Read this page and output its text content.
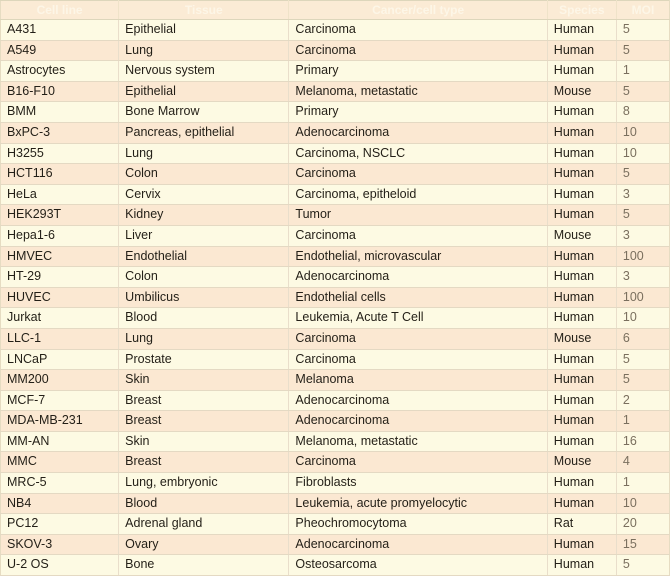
Cell line	Tissue	Cancer/cell type	Species	MOI
A431	Epithelial	Carcinoma	Human	5
A549	Lung	Carcinoma	Human	5
Astrocytes	Nervous system	Primary	Human	1
B16-F10	Epithelial	Melanoma, metastatic	Mouse	5
BMM	Bone Marrow	Primary	Human	8
BxPC-3	Pancreas, epithelial	Adenocarcinoma	Human	10
H3255	Lung	Carcinoma, NSCLC	Human	10
HCT116	Colon	Carcinoma	Human	5
HeLa	Cervix	Carcinoma, epitheloid	Human	3
HEK293T	Kidney	Tumor	Human	5
Hepa1-6	Liver	Carcinoma	Mouse	3
HMVEC	Endothelial	Endothelial, microvascular	Human	100
HT-29	Colon	Adenocarcinoma	Human	3
HUVEC	Umbilicus	Endothelial cells	Human	100
Jurkat	Blood	Leukemia, Acute T Cell	Human	10
LLC-1	Lung	Carcinoma	Mouse	6
LNCaP	Prostate	Carcinoma	Human	5
MM200	Skin	Melanoma	Human	5
MCF-7	Breast	Adenocarcinoma	Human	2
MDA-MB-231	Breast	Adenocarcinoma	Human	1
MM-AN	Skin	Melanoma, metastatic	Human	16
MMC	Breast	Carcinoma	Mouse	4
MRC-5	Lung, embryonic	Fibroblasts	Human	1
NB4	Blood	Leukemia, acute promyelocytic	Human	10
PC12	Adrenal gland	Pheochromocytoma	Rat	20
SKOV-3	Ovary	Adenocarcinoma	Human	15
U-2 OS	Bone	Osteosarcoma	Human	5
